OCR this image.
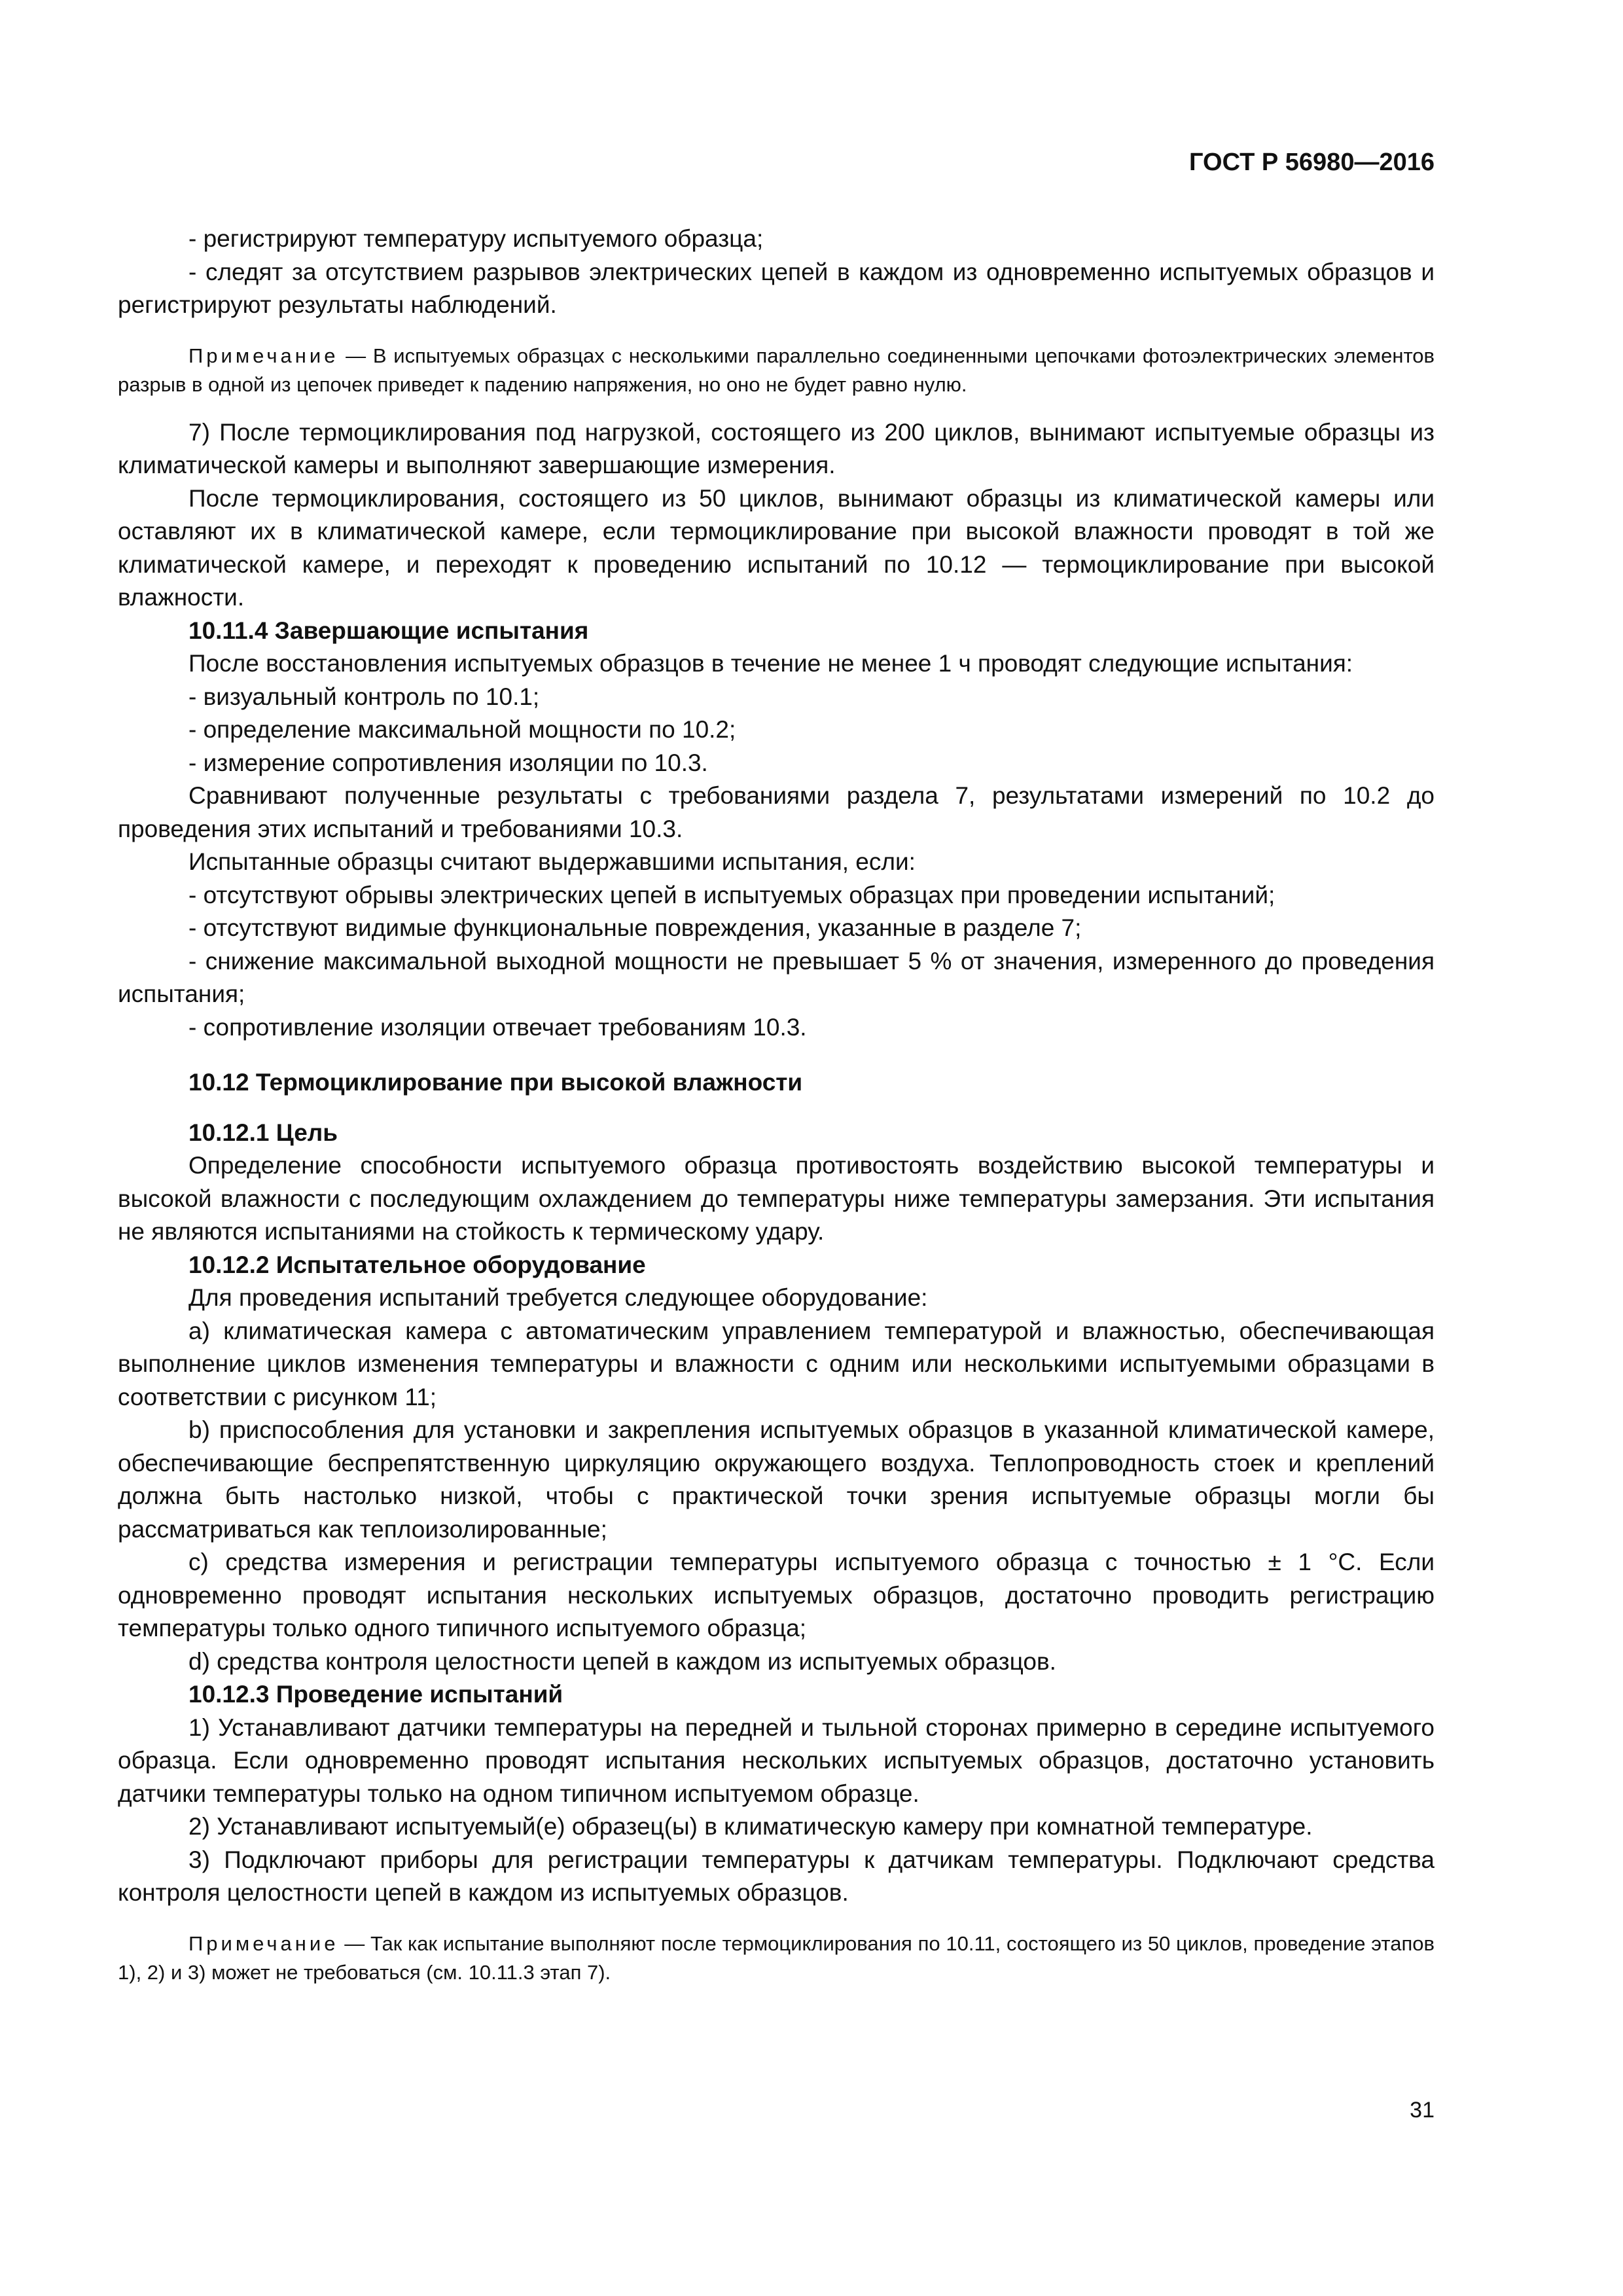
ГОСТ Р 56980—2016

- регистрируют температуру испытуемого образца;

- следят за отсутствием разрывов электрических цепей в каждом из одновременно испытуемых образцов и регистрируют результаты наблюдений.

Примечание — В испытуемых образцах с несколькими параллельно соединенными цепочками фотоэлектрических элементов разрыв в одной из цепочек приведет к падению напряжения, но оно не будет равно нулю.

7) После термоциклирования под нагрузкой, состоящего из 200 циклов, вынимают испытуемые образцы из климатической камеры и выполняют завершающие измерения.

После термоциклирования, состоящего из 50 циклов, вынимают образцы из климатической камеры или оставляют их в климатической камере, если термоциклирование при высокой влажности проводят в той же климатической камере, и переходят к проведению испытаний по 10.12 — термоциклирование при высокой влажности.

10.11.4 Завершающие испытания

После восстановления испытуемых образцов в течение не менее 1 ч проводят следующие испытания:

- визуальный контроль по 10.1;

- определение максимальной мощности по 10.2;

- измерение сопротивления изоляции по 10.3.

Сравнивают полученные результаты с требованиями раздела 7, результатами измерений по 10.2 до проведения этих испытаний и требованиями 10.3.

Испытанные образцы считают выдержавшими испытания, если:

- отсутствуют обрывы электрических цепей в испытуемых образцах при проведении испытаний;

- отсутствуют видимые функциональные повреждения, указанные в разделе 7;

- снижение максимальной выходной мощности не превышает 5 % от значения, измеренного до проведения испытания;

- сопротивление изоляции отвечает требованиям 10.3.

10.12 Термоциклирование при высокой влажности

10.12.1 Цель

Определение способности испытуемого образца противостоять воздействию высокой температуры и высокой влажности с последующим охлаждением до температуры ниже температуры замерзания. Эти испытания не являются испытаниями на стойкость к термическому удару.

10.12.2 Испытательное оборудование

Для проведения испытаний требуется следующее оборудование:

a) климатическая камера с автоматическим управлением температурой и влажностью, обеспечивающая выполнение циклов изменения температуры и влажности с одним или несколькими испытуемыми образцами в соответствии с рисунком 11;

b) приспособления для установки и закрепления испытуемых образцов в указанной климатической камере, обеспечивающие беспрепятственную циркуляцию окружающего воздуха. Теплопроводность стоек и креплений должна быть настолько низкой, чтобы с практической точки зрения испытуемые образцы могли бы рассматриваться как теплоизолированные;

c) средства измерения и регистрации температуры испытуемого образца с точностью ± 1 °С. Если одновременно проводят испытания нескольких испытуемых образцов, достаточно проводить регистрацию температуры только одного типичного испытуемого образца;

d) средства контроля целостности цепей в каждом из испытуемых образцов.

10.12.3 Проведение испытаний

1) Устанавливают датчики температуры на передней и тыльной сторонах примерно в середине испытуемого образца. Если одновременно проводят испытания нескольких испытуемых образцов, достаточно установить датчики температуры только на одном типичном испытуемом образце.

2) Устанавливают испытуемый(е) образец(ы) в климатическую камеру при комнатной температуре.

3) Подключают приборы для регистрации температуры к датчикам температуры. Подключают средства контроля целостности цепей в каждом из испытуемых образцов.

Примечание — Так как испытание выполняют после термоциклирования по 10.11, состоящего из 50 циклов, проведение этапов 1), 2) и 3) может не требоваться (см. 10.11.3 этап 7).

31
